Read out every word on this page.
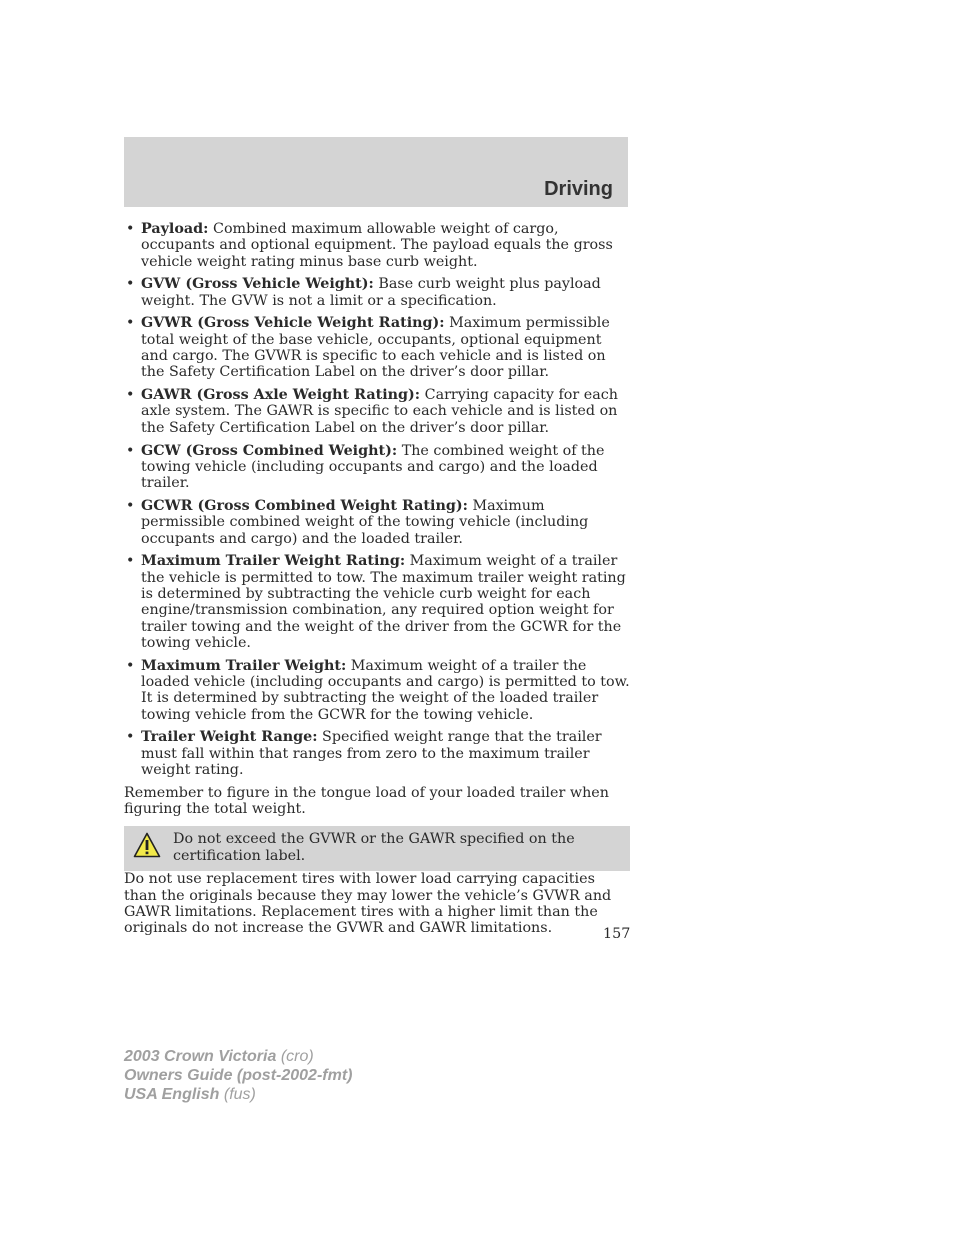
Driving
• Payload: Combined maximum allowable weight of cargo, occupants and optional equipment. The payload equals the gross vehicle weight rating minus base curb weight.
• GVW (Gross Vehicle Weight): Base curb weight plus payload weight. The GVW is not a limit or a specification.
• GVWR (Gross Vehicle Weight Rating): Maximum permissible total weight of the base vehicle, occupants, optional equipment and cargo. The GVWR is specific to each vehicle and is listed on the Safety Certification Label on the driver’s door pillar.
• GAWR (Gross Axle Weight Rating): Carrying capacity for each axle system. The GAWR is specific to each vehicle and is listed on the Safety Certification Label on the driver’s door pillar.
• GCW (Gross Combined Weight): The combined weight of the towing vehicle (including occupants and cargo) and the loaded trailer.
• GCWR (Gross Combined Weight Rating): Maximum permissible combined weight of the towing vehicle (including occupants and cargo) and the loaded trailer.
• Maximum Trailer Weight Rating: Maximum weight of a trailer the vehicle is permitted to tow. The maximum trailer weight rating is determined by subtracting the vehicle curb weight for each engine/transmission combination, any required option weight for trailer towing and the weight of the driver from the GCWR for the towing vehicle.
• Maximum Trailer Weight: Maximum weight of a trailer the loaded vehicle (including occupants and cargo) is permitted to tow. It is determined by subtracting the weight of the loaded trailer towing vehicle from the GCWR for the towing vehicle.
• Trailer Weight Range: Specified weight range that the trailer must fall within that ranges from zero to the maximum trailer weight rating.

Remember to figure in the tongue load of your loaded trailer when figuring the total weight.

Do not exceed the GVWR or the GAWR specified on the certification label.

Do not use replacement tires with lower load carrying capacities than the originals because they may lower the vehicle’s GVWR and GAWR limitations. Replacement tires with a higher limit than the originals do not increase the GVWR and GAWR limitations.	157
2003 Crown Victoria (cro)
Owners Guide (post-2002-fmt)
USA English (fus)
